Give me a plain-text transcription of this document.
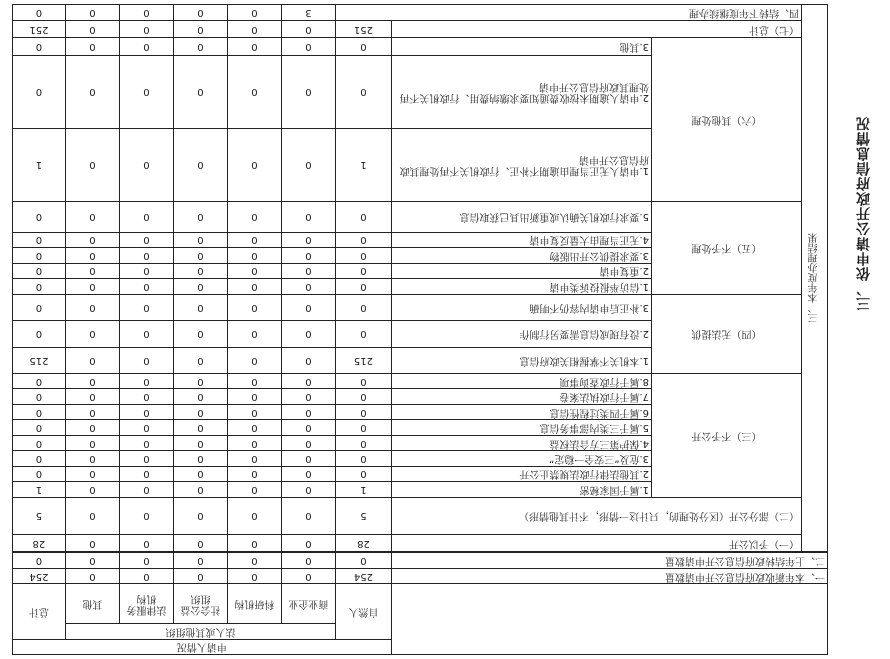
三、依申请公开政府信息情况
			申请人情况							
			自然人	法人或其他组织					总计	
				商业企业	科研机构	社会公益组织	法律服务机构	其他		
一、本年新收政府信息公开申请数量			254	0	0	0	0	0	254	
二、上年结转政府信息公开申请数量			0	0	0	0	0	0	0	
三、本年度办理结果	（一）予以公开		28	0	0	0	0	0	28	
	（二）部分公开（区分处理的，只计这一情形，不计其他情形）		5	0	0	0	0	0	5	
	（三）不予公开	1.属于国家秘密	1	0	0	0	0	0	1	
		2.其他法律行政法规禁止公开	0	0	0	0	0	0	0	
		3.危及“三安全一稳定”	0	0	0	0	0	0	0	
		4.保护第三方合法权益	0	0	0	0	0	0	0	
		5.属于三类内部事务信息	0	0	0	0	0	0	0	
		6.属于四类过程性信息	0	0	0	0	0	0	0	
		7.属于行政执法案卷	0	0	0	0	0	0	0	
		8.属于行政查询事项	0	0	0	0	0	0	0	
	（四）无法提供	1.本机关不掌握相关政府信息	215	0	0	0	0	0	215	
		2.没有现成信息需要另行制作	0	0	0	0	0	0	0	
		3.补正后申请内容仍不明确	0	0	0	0	0	0	0	
	（五）不予处理	1.信访举报投诉类申请	0	0	0	0	0	0	0	
		2.重复申请	0	0	0	0	0	0	0	
		3.要求提供公开出版物	0	0	0	0	0	0	0	
		4.无正当理由大量反复申请	0	0	0	0	0	0	0	
		5.要求行政机关确认或重新出具已获取信息	0	0	0	0	0	0	0	
	（六）其他处理	1.申请人无正当理由逾期不补正、行政机关不再处理其政府信息公开申请	1	0	0	0	0	0	1	
		2.申请人逾期未按收费通知要求缴纳费用、行政机关不再处理其政府信息公开申请	0	0	0	0	0	0	0	
		3.其他	0	0	0	0	0	0	0	
	（七）总计		251	0	0	0	0	0	251	
	四、结转下年度继续办理			3	0	0	0	0	0	
